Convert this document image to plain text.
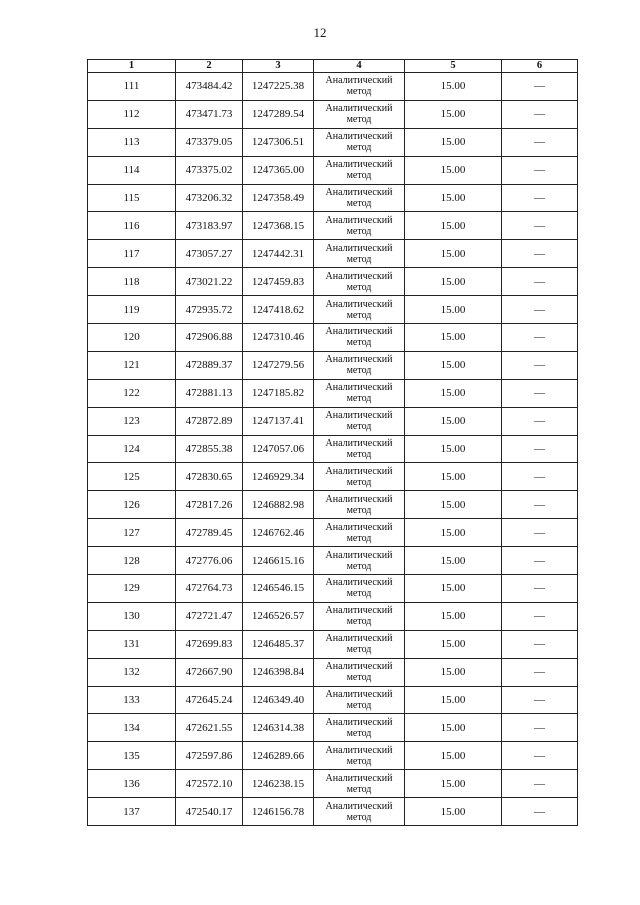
12
1	2	3	4	5	6
111	473484.42	1247225.38	Аналитический метод	15.00	—
112	473471.73	1247289.54	Аналитический метод	15.00	—
113	473379.05	1247306.51	Аналитический метод	15.00	—
114	473375.02	1247365.00	Аналитический метод	15.00	—
115	473206.32	1247358.49	Аналитический метод	15.00	—
116	473183.97	1247368.15	Аналитический метод	15.00	—
117	473057.27	1247442.31	Аналитический метод	15.00	—
118	473021.22	1247459.83	Аналитический метод	15.00	—
119	472935.72	1247418.62	Аналитический метод	15.00	—
120	472906.88	1247310.46	Аналитический метод	15.00	—
121	472889.37	1247279.56	Аналитический метод	15.00	—
122	472881.13	1247185.82	Аналитический метод	15.00	—
123	472872.89	1247137.41	Аналитический метод	15.00	—
124	472855.38	1247057.06	Аналитический метод	15.00	—
125	472830.65	1246929.34	Аналитический метод	15.00	—
126	472817.26	1246882.98	Аналитический метод	15.00	—
127	472789.45	1246762.46	Аналитический метод	15.00	—
128	472776.06	1246615.16	Аналитический метод	15.00	—
129	472764.73	1246546.15	Аналитический метод	15.00	—
130	472721.47	1246526.57	Аналитический метод	15.00	—
131	472699.83	1246485.37	Аналитический метод	15.00	—
132	472667.90	1246398.84	Аналитический метод	15.00	—
133	472645.24	1246349.40	Аналитический метод	15.00	—
134	472621.55	1246314.38	Аналитический метод	15.00	—
135	472597.86	1246289.66	Аналитический метод	15.00	—
136	472572.10	1246238.15	Аналитический метод	15.00	—
137	472540.17	1246156.78	Аналитический метод	15.00	—
